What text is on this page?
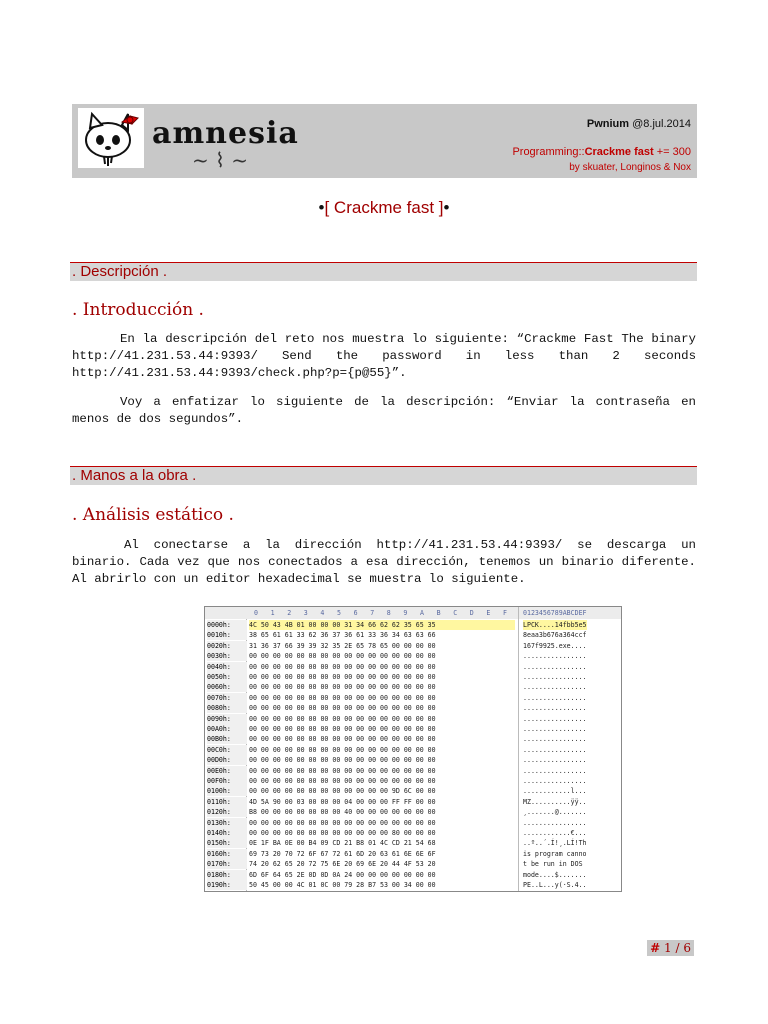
amnesia
~ ⌇ ~
Pwnium @8.jul.2014
Programming::Crackme fast += 300
by skuater, Longinos & Nox
•[ Crackme fast ]•
. Descripción .
. Introducción .
En la descripción del reto nos muestra lo siguiente: “Crackme Fast The binary http://41.231.53.44:9393/ Send the password in less than 2 seconds http://41.231.53.44:9393/check.php?p={p@55}”.
Voy a enfatizar lo siguiente de la descripción: “Enviar la contraseña en menos de dos segundos”.
. Manos a la obra .
. Análisis estático .
Al conectarse a la dirección http://41.231.53.44:9393/ se descarga un binario. Cada vez que nos conectados a esa dirección, tenemos un binario diferente. Al abrirlo con un editor hexadecimal se muestra lo siguiente.
0 1 2 3 4 5 6 7 8 9 A B C D E F 0123456789ABCDEF
0000h:	4C 50 43 4B 01 00 00 00 31 34 66 62 62 35 65 35	LPCK....14fbb5e5
0010h:	38 65 61 61 33 62 36 37 36 61 33 36 34 63 63 66	8eaa3b676a364ccf
0020h:	31 36 37 66 39 39 32 35 2E 65 78 65 00 00 00 00	167f9925.exe....
0030h:	00 00 00 00 00 00 00 00 00 00 00 00 00 00 00 00	................
0040h:	00 00 00 00 00 00 00 00 00 00 00 00 00 00 00 00	................
0050h:	00 00 00 00 00 00 00 00 00 00 00 00 00 00 00 00	................
0060h:	00 00 00 00 00 00 00 00 00 00 00 00 00 00 00 00	................
0070h:	00 00 00 00 00 00 00 00 00 00 00 00 00 00 00 00	................
0080h:	00 00 00 00 00 00 00 00 00 00 00 00 00 00 00 00	................
0090h:	00 00 00 00 00 00 00 00 00 00 00 00 00 00 00 00	................
00A0h:	00 00 00 00 00 00 00 00 00 00 00 00 00 00 00 00	................
00B0h:	00 00 00 00 00 00 00 00 00 00 00 00 00 00 00 00	................
00C0h:	00 00 00 00 00 00 00 00 00 00 00 00 00 00 00 00	................
00D0h:	00 00 00 00 00 00 00 00 00 00 00 00 00 00 00 00	................
00E0h:	00 00 00 00 00 00 00 00 00 00 00 00 00 00 00 00	................
00F0h:	00 00 00 00 00 00 00 00 00 00 00 00 00 00 00 00	................
0100h:	00 00 00 00 00 00 00 00 00 00 00 00 9D 6C 00 00	............l...
0110h:	4D 5A 90 00 03 00 00 00 04 00 00 00 FF FF 00 00	MZ..........ÿÿ..
0120h:	B8 00 00 00 00 00 00 00 40 00 00 00 00 00 00 00	¸.......@.......
0130h:	00 00 00 00 00 00 00 00 00 00 00 00 00 00 00 00	................
0140h:	00 00 00 00 00 00 00 00 00 00 00 00 80 00 00 00	............€...
0150h:	0E 1F BA 0E 00 B4 09 CD 21 B8 01 4C CD 21 54 68	..º..´.Í!¸.LÍ!Th
0160h:	69 73 20 70 72 6F 67 72 61 6D 20 63 61 6E 6E 6F	is program canno
0170h:	74 20 62 65 20 72 75 6E 20 69 6E 20 44 4F 53 20	t be run in DOS
0180h:	6D 6F 64 65 2E 0D 0D 0A 24 00 00 00 00 00 00 00	mode....$.......
0190h:	50 45 00 00 4C 01 0C 00 79 28 B7 53 00 34 00 00	PE..L...y(·S.4..
# 1 / 6
